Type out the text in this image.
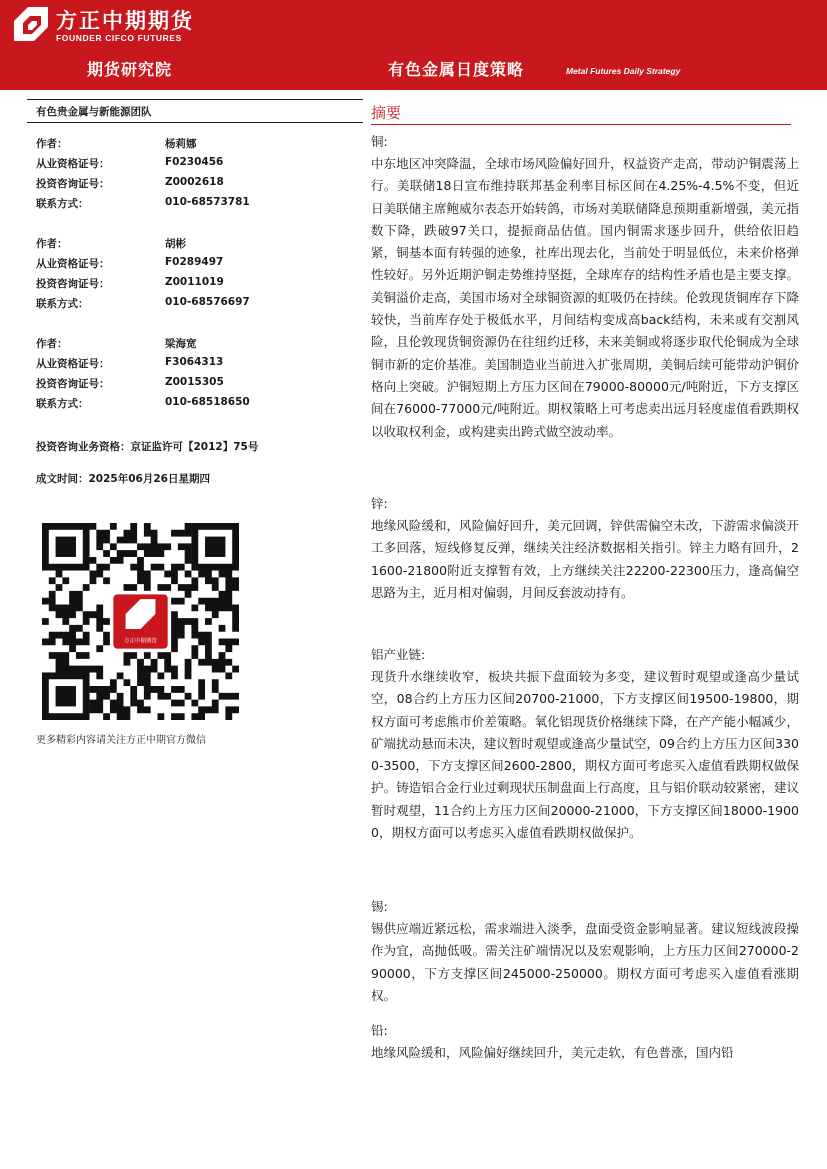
方正中期期货
FOUNDER CIFCO FUTURES
期货研究院	有色金属日度策略	Metal Futures Daily Strategy
有色贵金属与新能源团队
作者：	杨莉娜
从业资格证号：	F0230456
投资咨询证号：	Z0002618
联系方式：	010-68573781
作者：	胡彬
从业资格证号：	F0289497
投资咨询证号：	Z0011019
联系方式：	010-68576697
作者：	梁海宽
从业资格证号：	F3064313
投资咨询证号：	Z0015305
联系方式：	010-68518650
投资咨询业务资格：京证监许可【2012】75号
成文时间：2025年06月26日星期四
方正中期期货
更多精彩内容请关注方正中期官方微信
摘要

铜:

中东地区冲突降温，全球市场风险偏好回升，权益资产走高，带动沪铜震荡上行。美联储18日宣布维持联邦基金利率目标区间在4.25%-4.5%不变，但近日美联储主席鲍威尔表态开始转鸽，市场对美联储降息预期重新增强，美元指数下降，跌破97关口，提振商品估值。国内铜需求逐步回升，供给依旧趋紧，铜基本面有转强的迹象，社库出现去化，当前处于明显低位，未来价格弹性较好。另外近期沪铜走势维持坚挺，全球库存的结构性矛盾也是主要支撑。美铜溢价走高，美国市场对全球铜资源的虹吸仍在持续。伦敦现货铜库存下降较快，当前库存处于极低水平，月间结构变成高back结构，未来或有交割风险，且伦敦现货铜资源仍在往纽约迁移，未来美铜或将逐步取代伦铜成为全球铜市新的定价基准。美国制造业当前进入扩张周期，美铜后续可能带动沪铜价格向上突破。沪铜短期上方压力区间在79000-80000元/吨附近，下方支撑区间在76000-77000元/吨附近。期权策略上可考虑卖出远月轻度虚值看跌期权以收取权利金，或构建卖出跨式做空波动率。

锌:

地缘风险缓和，风险偏好回升，美元回调，锌供需偏空未改，下游需求偏淡开工多回落，短线修复反弹，继续关注经济数据相关指引。锌主力略有回升，21600-21800附近支撑暂有效，上方继续关注22200-22300压力，逢高偏空思路为主，近月相对偏弱，月间反套波动持有。

铝产业链:

现货升水继续收窄，板块共振下盘面较为多变，建议暂时观望或逢高少量试空，08合约上方压力区间20700-21000，下方支撑区间19500-19800，期权方面可考虑熊市价差策略。氧化铝现货价格继续下降，在产产能小幅减少，矿端扰动悬而未决，建议暂时观望或逢高少量试空，09合约上方压力区间3300-3500，下方支撑区间2600-2800，期权方面可考虑买入虚值看跌期权做保护。铸造铝合金行业过剩现状压制盘面上行高度，且与铝价联动较紧密，建议暂时观望，11合约上方压力区间20000-21000，下方支撑区间18000-19000，期权方面可以考虑买入虚值看跌期权做保护。

锡:

锡供应端近紧远松，需求端进入淡季，盘面受资金影响显著。建议短线波段操作为宜，高抛低吸。需关注矿端情况以及宏观影响，上方压力区间270000-290000，下方支撑区间245000-250000。期权方面可考虑买入虚值看涨期权。

铅:

地缘风险缓和，风险偏好继续回升，美元走软，有色普涨，国内铅
